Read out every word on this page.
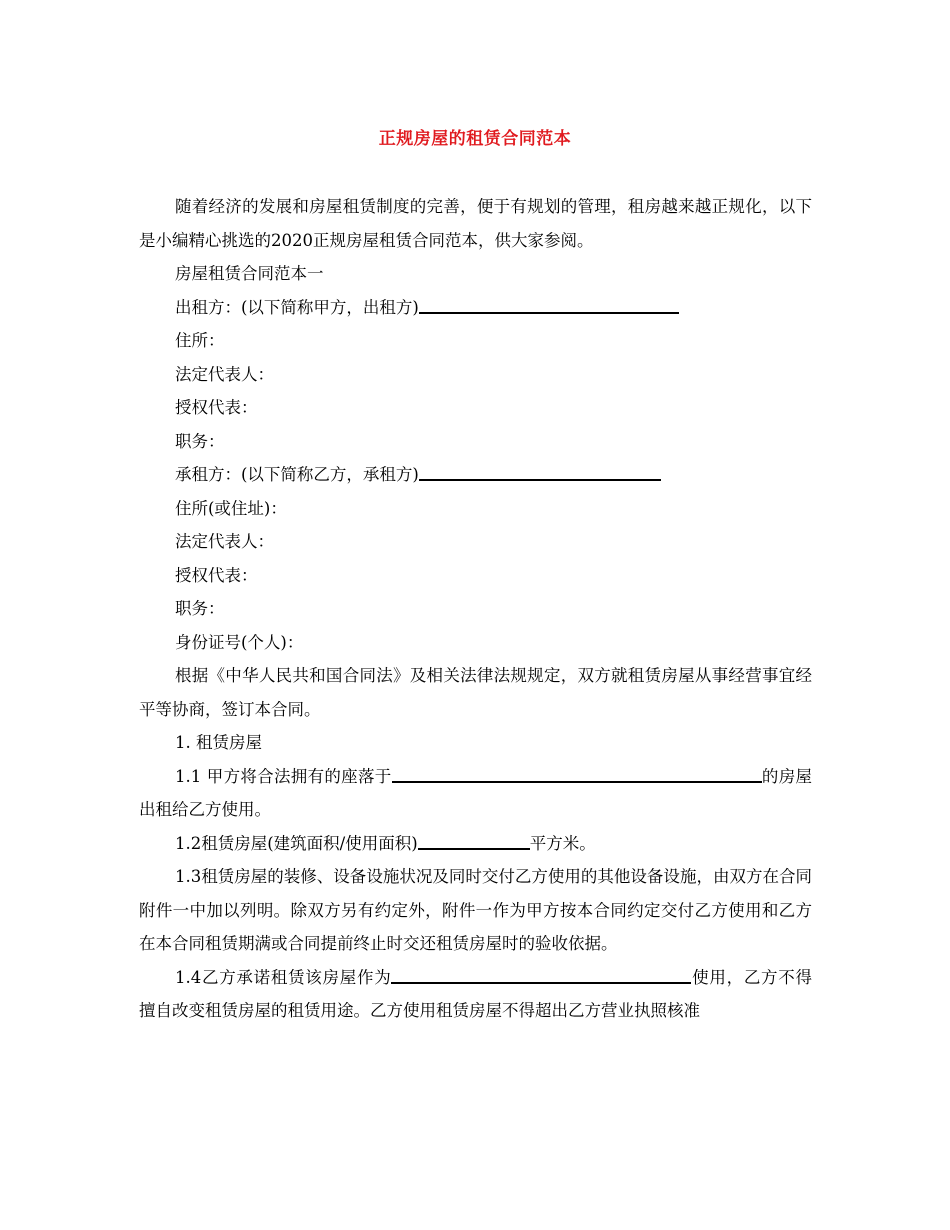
正规房屋的租赁合同范本

随着经济的发展和房屋租赁制度的完善，便于有规划的管理，租房越来越正规化，以下是小编精心挑选的2020正规房屋租赁合同范本，供大家参阅。

房屋租赁合同范本一

出租方：(以下简称甲方，出租方)

住所：

法定代表人：

授权代表：

职务：

承租方：(以下简称乙方，承租方)

住所(或住址)：

法定代表人：

授权代表：

职务：

身份证号(个人)：

根据《中华人民共和国合同法》及相关法律法规规定，双方就租赁房屋从事经营事宜经平等协商，签订本合同。

1. 租赁房屋

1.1 甲方将合法拥有的座落于	的房屋出租给乙方使用。

1.2租赁房屋(建筑面积/使用面积)	平方米。

1.3租赁房屋的装修、设备设施状况及同时交付乙方使用的其他设备设施，由双方在合同附件一中加以列明。除双方另有约定外，附件一作为甲方按本合同约定交付乙方使用和乙方在本合同租赁期满或合同提前终止时交还租赁房屋时的验收依据。

1.4乙方承诺租赁该房屋作为	使用，乙方不得擅自改变租赁房屋的租赁用途。乙方使用租赁房屋不得超出乙方营业执照核准
